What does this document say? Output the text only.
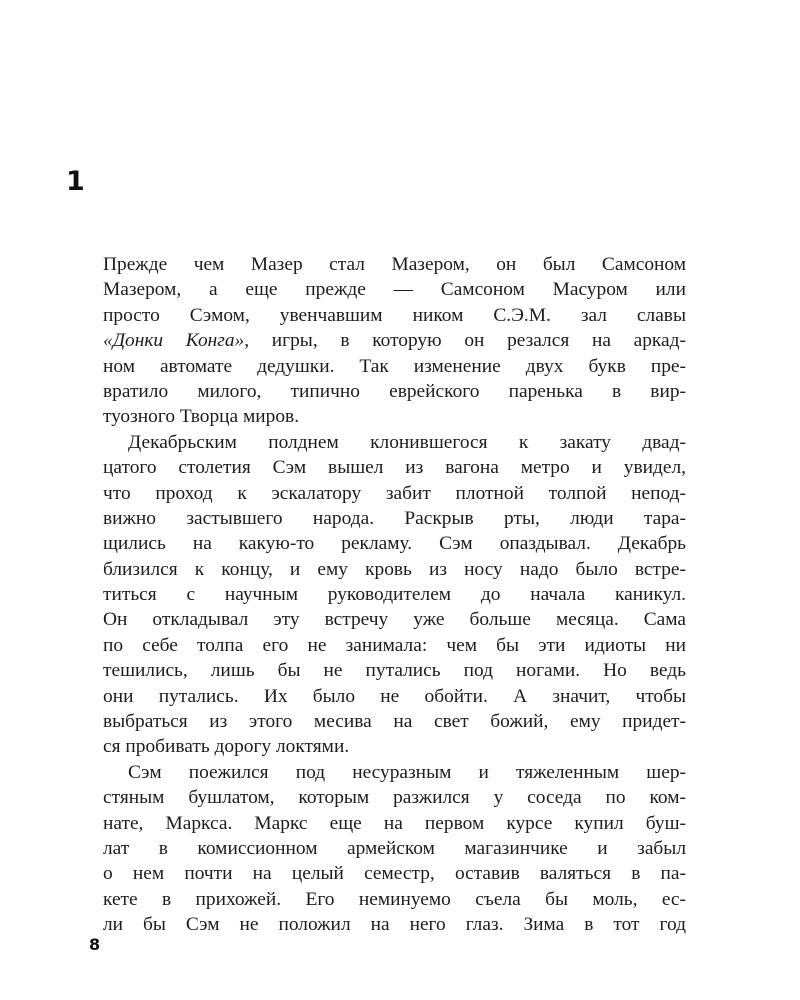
1
Прежде чем Мазер стал Мазером, он был Самсоном
Мазером, а еще прежде — Самсоном Масуром или
просто Сэмом, увенчавшим ником С.Э.М. зал славы
«Донки Конга», игры, в которую он резался на аркад-
ном автомате дедушки. Так изменение двух букв пре-
вратило милого, типично еврейского паренька в вир-
туозного Творца миров.
Декабрьским полднем клонившегося к закату двад-
цатого столетия Сэм вышел из вагона метро и увидел,
что проход к эскалатору забит плотной толпой непод-
вижно застывшего народа. Раскрыв рты, люди тара-
щились на какую-то рекламу. Сэм опаздывал. Декабрь
близился к концу, и ему кровь из носу надо было встре-
титься с научным руководителем до начала каникул.
Он откладывал эту встречу уже больше месяца. Сама
по себе толпа его не занимала: чем бы эти идиоты ни
тешились, лишь бы не путались под ногами. Но ведь
они путались. Их было не обойти. А значит, чтобы
выбраться из этого месива на свет божий, ему придет-
ся пробивать дорогу локтями.
Сэм поежился под несуразным и тяжеленным шер-
стяным бушлатом, которым разжился у соседа по ком-
нате, Маркса. Маркс еще на первом курсе купил буш-
лат в комиссионном армейском магазинчике и забыл
о нем почти на целый семестр, оставив валяться в па-
кете в прихожей. Его неминуемо съела бы моль, ес-
ли бы Сэм не положил на него глаз. Зима в тот год
8
